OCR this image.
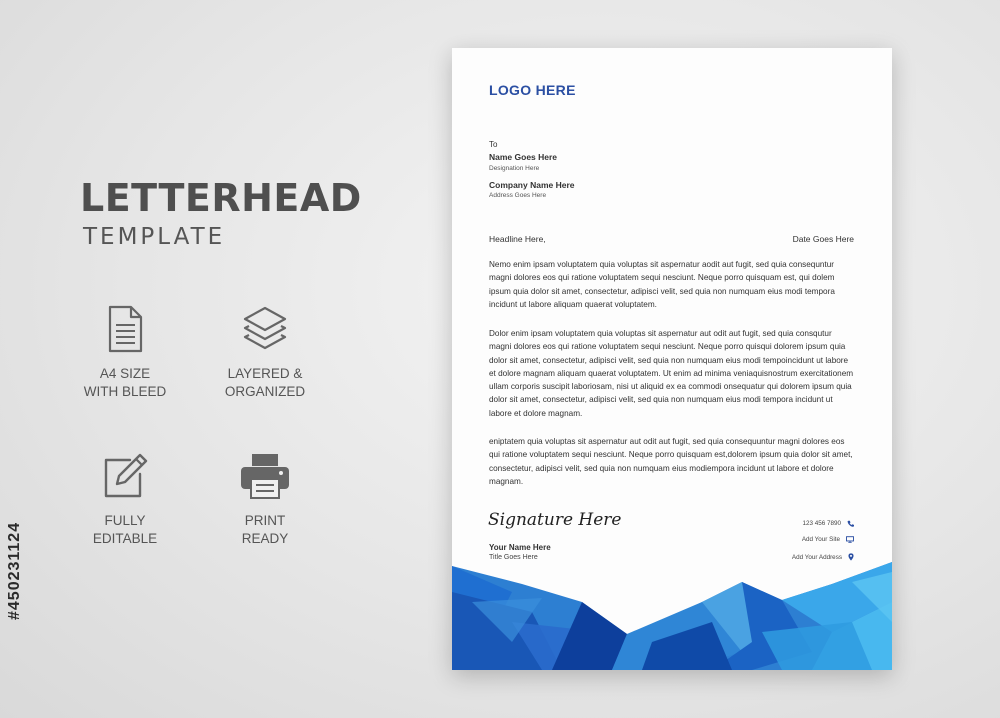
LETTERHEAD
TEMPLATE
A4 SIZE
WITH BLEED
LAYERED &
ORGANIZED
FULLY
EDITABLE
PRINT
READY
#450231124
LOGO HERE
To
Name Goes Here
Designation Here
Company Name Here
Address Goes Here
Headline Here,	Date Goes Here
Nemo enim ipsam voluptatem quia voluptas sit aspernatur aodit aut fugit, sed quia consequntur magni dolores eos qui ratione voluptatem sequi nesciunt. Neque porro quisquam est, qui dolem ipsum quia dolor sit amet, consectetur, adipisci velit, sed quia non numquam eius modi tempora incidunt ut labore aliquam quaerat voluptatem.
Dolor enim ipsam voluptatem quia voluptas sit aspernatur aut odit aut fugit, sed quia consqutur magni dolores eos qui ratione voluptatem sequi nesciunt. Neque porro quisqui dolorem ipsum quia dolor sit amet, consectetur, adipisci velit, sed quia non numquam eius modi tempoincidunt ut labore et dolore magnam aliquam quaerat voluptatem. Ut enim ad minima veniaquisnostrum exercitationem ullam corporis suscipit laboriosam, nisi ut aliquid ex ea commodi onsequatur qui dolorem ipsum quia dolor sit amet, consectetur, adipisci velit, sed quia non numquam eius modi tempora incidunt ut labore et dolore magnam.
eniptatem quia voluptas sit aspernatur aut odit aut fugit, sed quia consequuntur magni dolores eos qui ratione voluptatem sequi nesciunt. Neque porro quisquam est,dolorem ipsum quia dolor sit amet, consectetur, adipisci velit, sed quia non numquam eius modiempora incidunt ut labore et dolore magnam.
Signature Here
Your Name Here
Title Goes Here
123 456 7890
Add Your Site
Add Your Address
